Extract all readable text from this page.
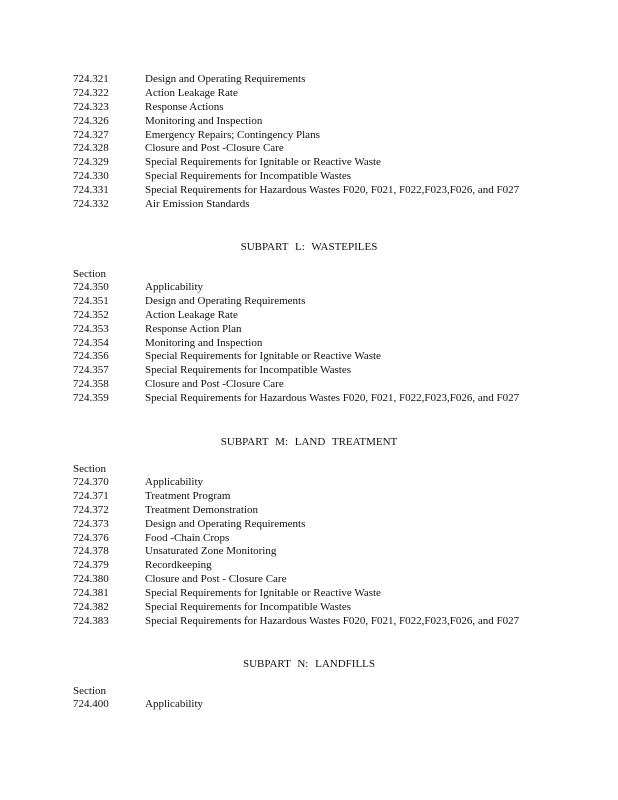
724.321	Design and Operating Requirements
724.322	Action Leakage Rate
724.323	Response Actions
724.326	Monitoring and Inspection
724.327	Emergency Repairs; Contingency Plans
724.328	Closure and Post -Closure Care
724.329	Special Requirements for Ignitable or Reactive Waste
724.330	Special Requirements for Incompatible Wastes
724.331	Special Requirements for Hazardous Wastes F020, F021, F022,F023,F026, and F027
724.332	Air Emission Standards
SUBPART L: WASTEPILES
Section
724.350	Applicability
724.351	Design and Operating Requirements
724.352	Action Leakage Rate
724.353	Response Action Plan
724.354	Monitoring and Inspection
724.356	Special Requirements for Ignitable or Reactive Waste
724.357	Special Requirements for Incompatible Wastes
724.358	Closure and Post -Closure Care
724.359	Special Requirements for Hazardous Wastes F020, F021, F022,F023,F026, and F027
SUBPART M: LAND TREATMENT
Section
724.370	Applicability
724.371	Treatment Program
724.372	Treatment Demonstration
724.373	Design and Operating Requirements
724.376	Food -Chain Crops
724.378	Unsaturated Zone Monitoring
724.379	Recordkeeping
724.380	Closure and Post - Closure Care
724.381	Special Requirements for Ignitable or Reactive Waste
724.382	Special Requirements for Incompatible Wastes
724.383	Special Requirements for Hazardous Wastes F020, F021, F022,F023,F026, and F027
SUBPART N: LANDFILLS
Section
724.400	Applicability
